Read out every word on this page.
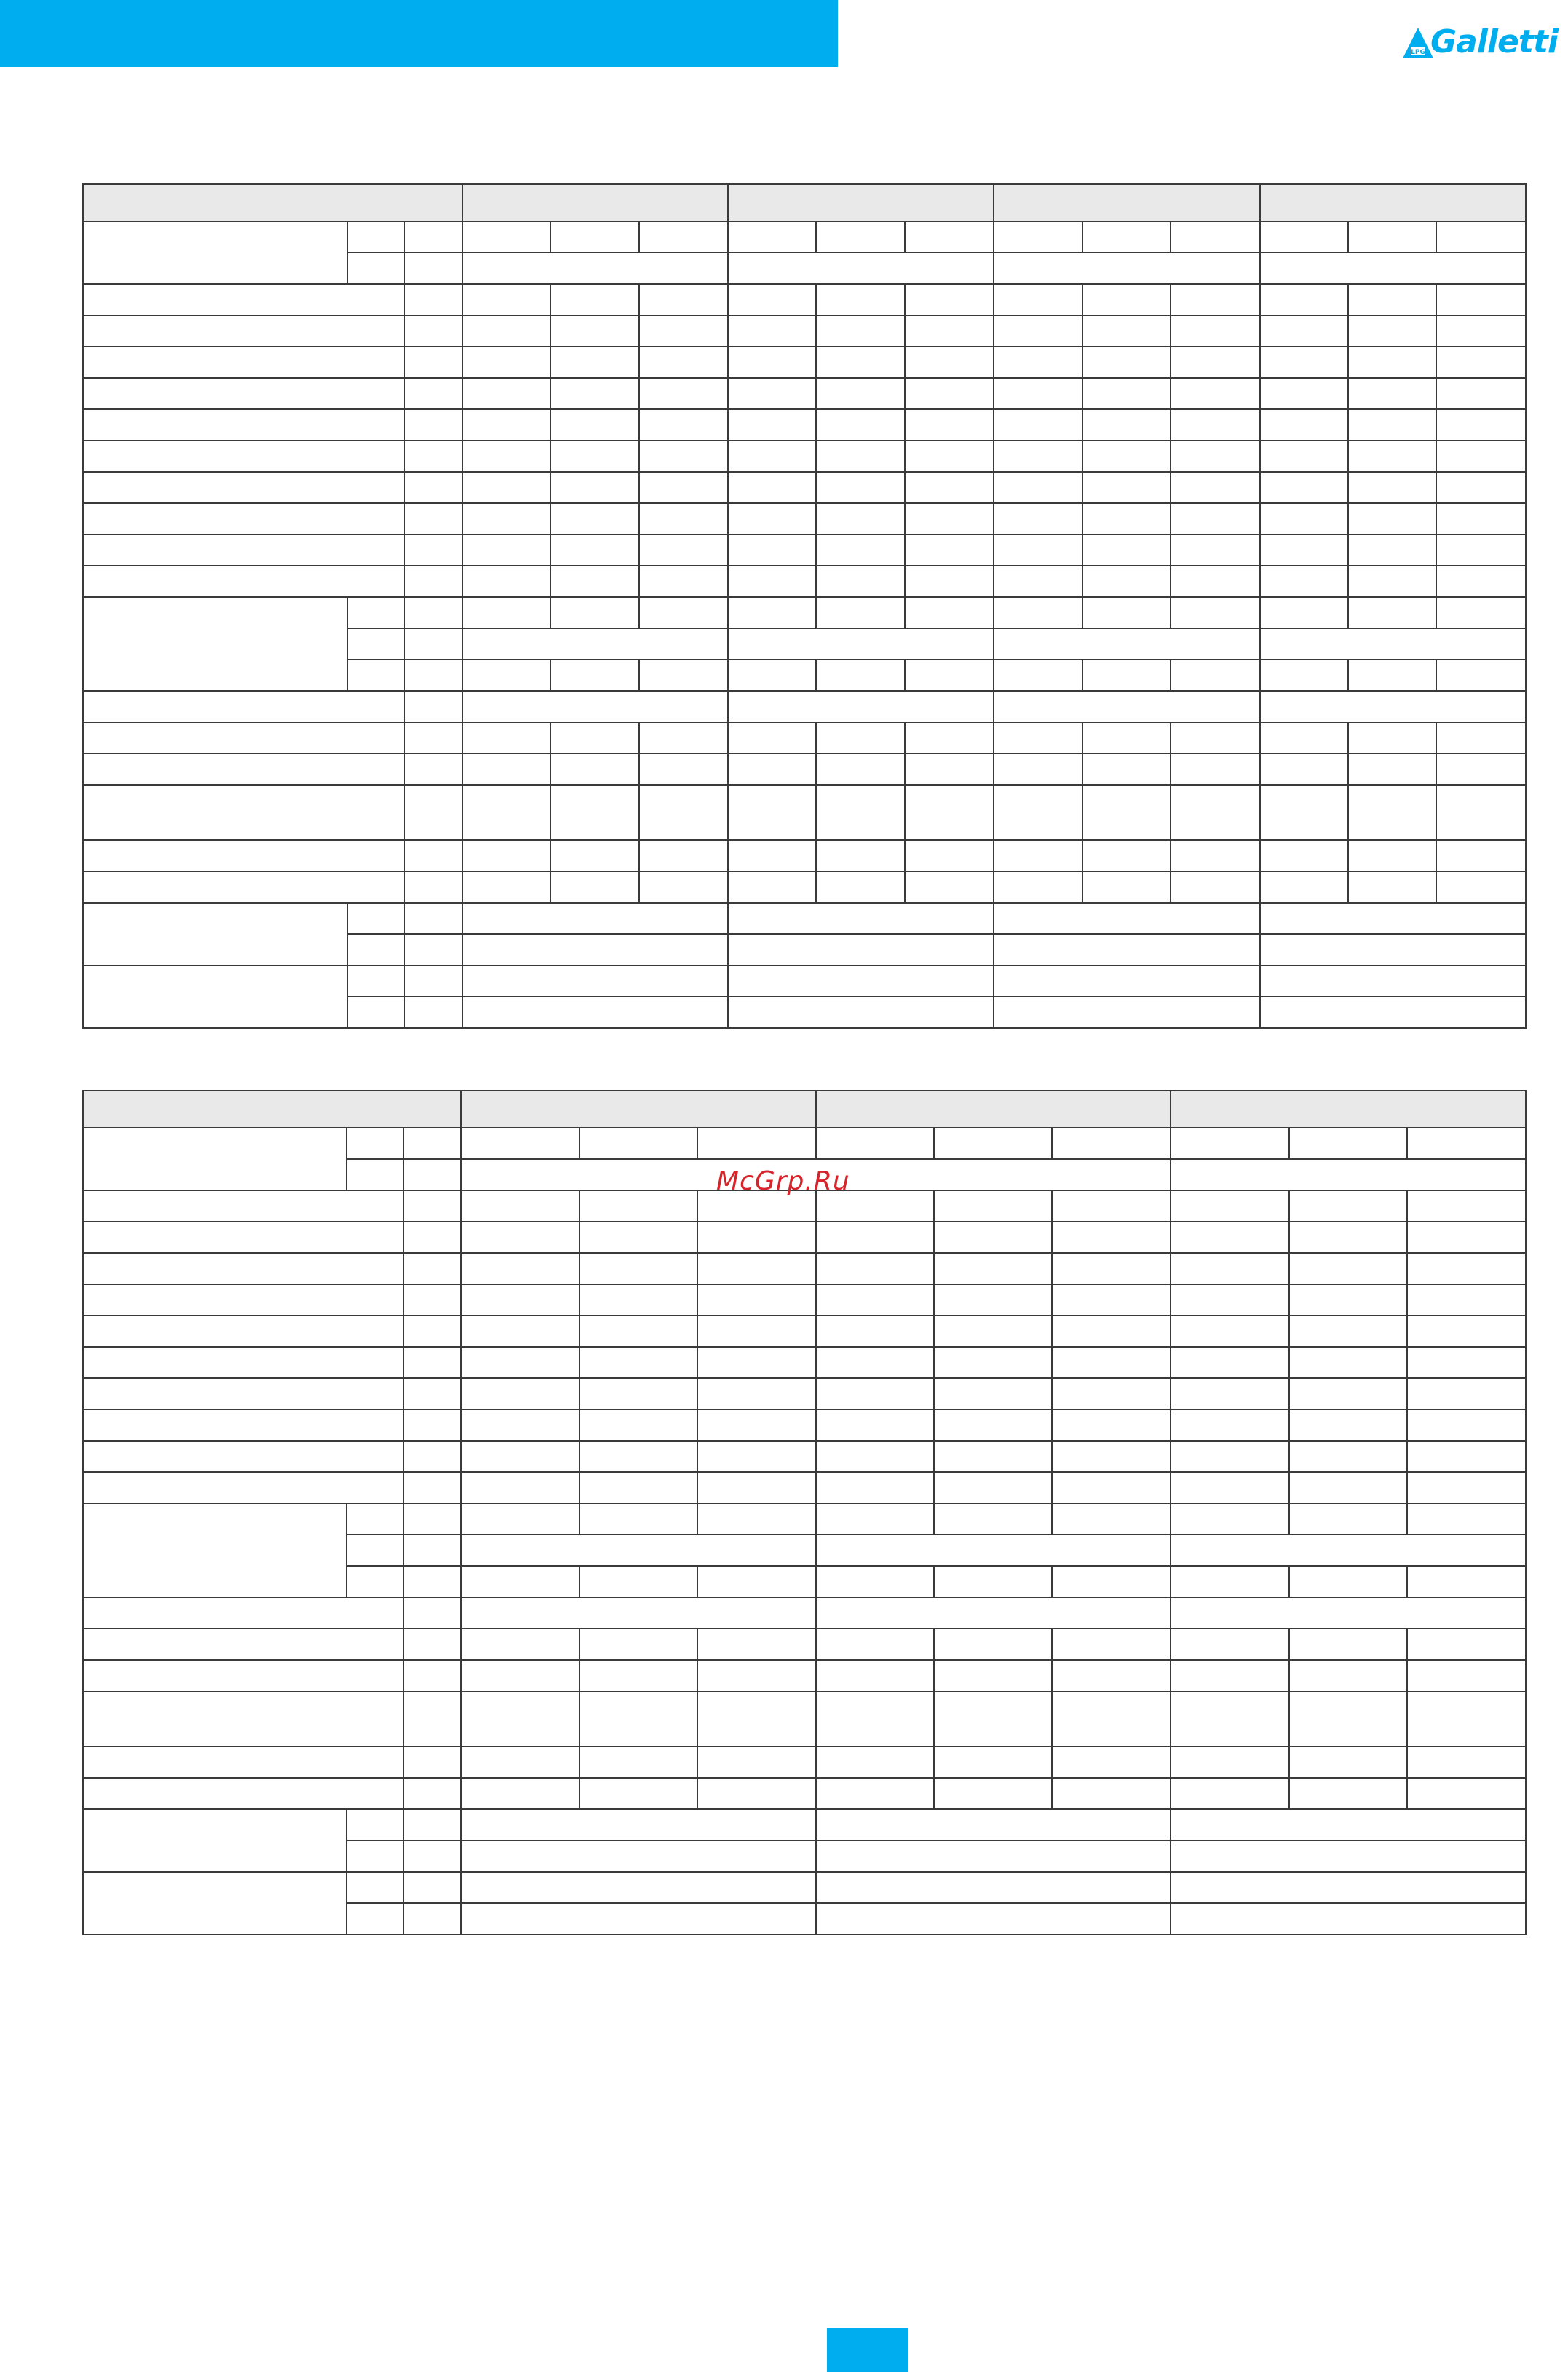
LPG Galletti

McGrp.Ru
